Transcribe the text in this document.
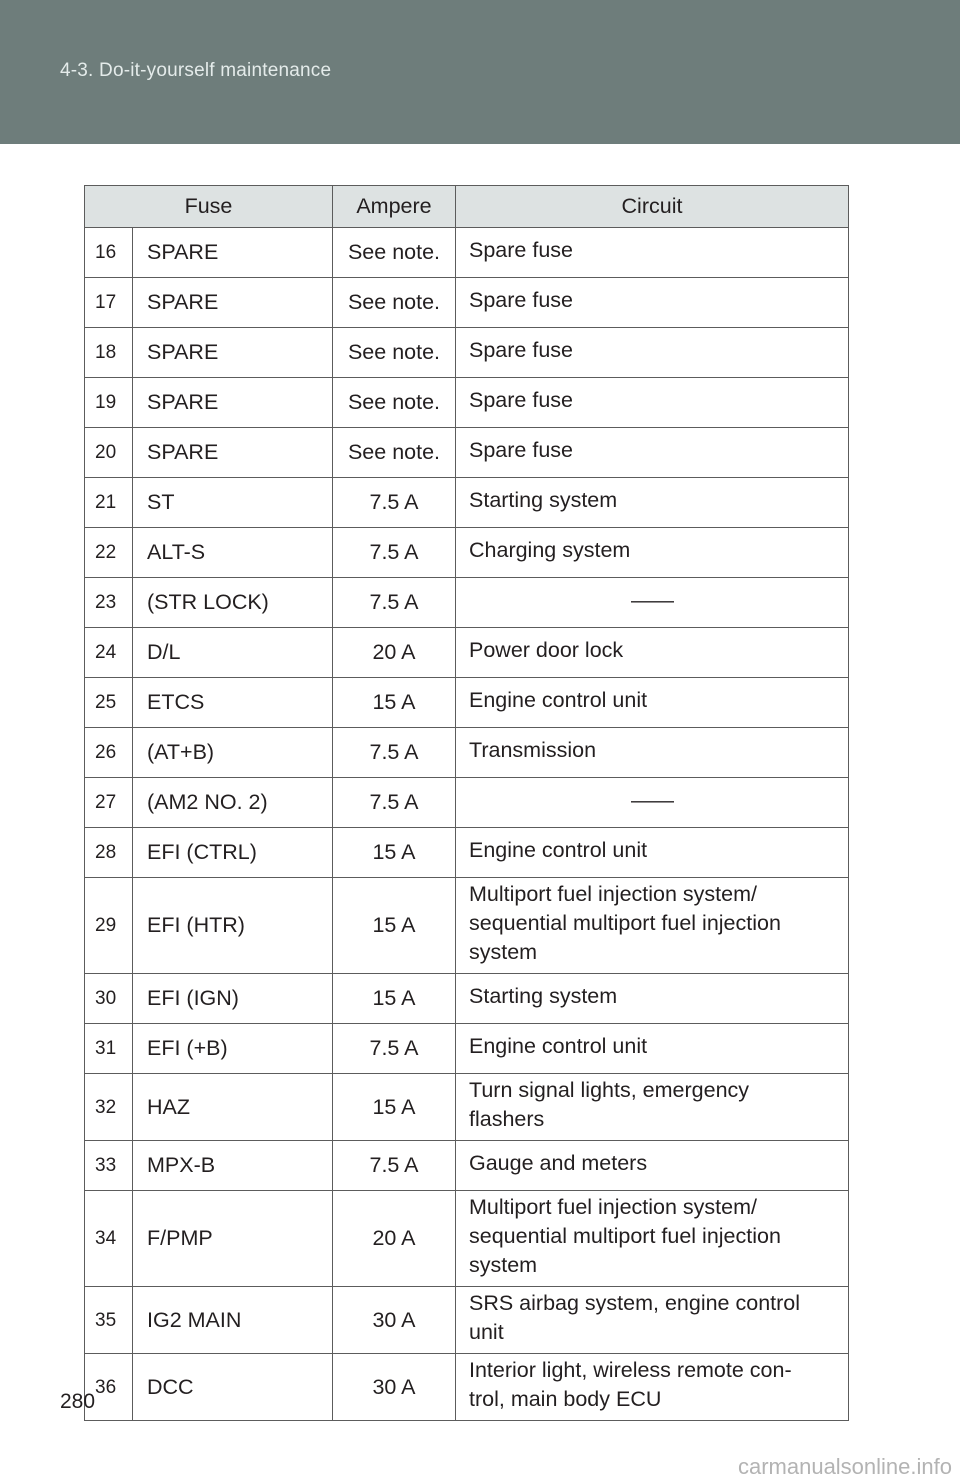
4-3. Do-it-yourself maintenance
Fuse		Ampere	Circuit
16	SPARE	See note.	Spare fuse
17	SPARE	See note.	Spare fuse
18	SPARE	See note.	Spare fuse
19	SPARE	See note.	Spare fuse
20	SPARE	See note.	Spare fuse
21	ST	7.5 A	Starting system
22	ALT-S	7.5 A	Charging system
23	(STR LOCK)	7.5 A	——
24	D/L	20 A	Power door lock
25	ETCS	15 A	Engine control unit
26	(AT+B)	7.5 A	Transmission
27	(AM2 NO. 2)	7.5 A	——
28	EFI (CTRL)	15 A	Engine control unit
29	EFI (HTR)	15 A	Multiport fuel injection system/
sequential multiport fuel injection
system
30	EFI (IGN)	15 A	Starting system
31	EFI (+B)	7.5 A	Engine control unit
32	HAZ	15 A	Turn signal lights, emergency
flashers
33	MPX-B	7.5 A	Gauge and meters
34	F/PMP	20 A	Multiport fuel injection system/
sequential multiport fuel injection
system
35	IG2 MAIN	30 A	SRS airbag system, engine control
unit
36	DCC	30 A	Interior light, wireless remote con-
trol, main body ECU
280
carmanualsonline.info
